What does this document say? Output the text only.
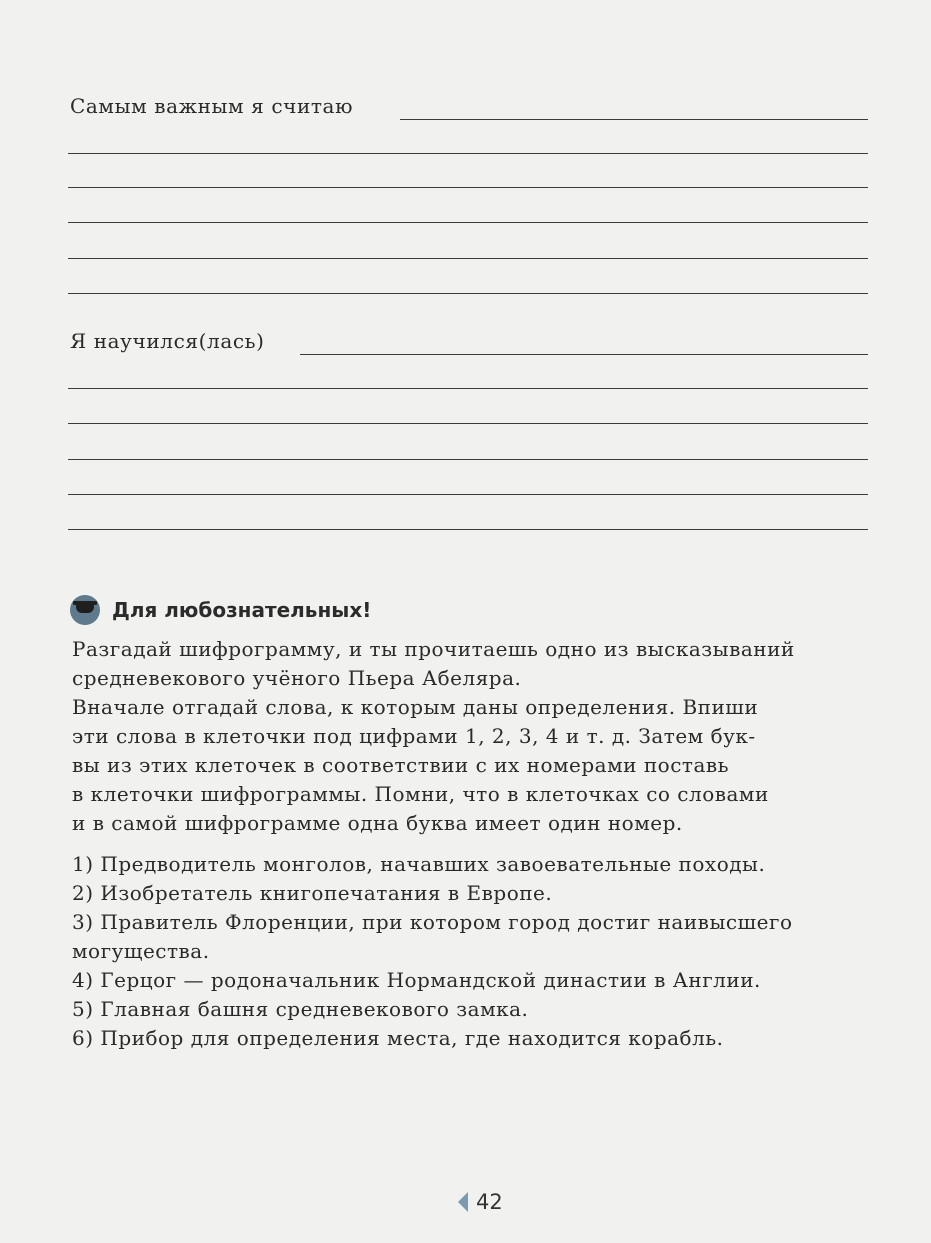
Самым важным я считаю
Я научился(лась)
Для любознательных!
Разгадай шифрограмму, и ты прочитаешь одно из высказываний
средневекового учёного Пьера Абеляра.
Вначале отгадай слова, к которым даны определения. Впиши
эти слова в клеточки под цифрами 1, 2, 3, 4 и т. д. Затем бук-
вы из этих клеточек в соответствии с их номерами поставь
в клеточки шифрограммы. Помни, что в клеточках со словами
и в самой шифрограмме одна буква имеет один номер.
1) Предводитель монголов, начавших завоевательные походы.
2) Изобретатель книгопечатания в Европе.
3) Правитель Флоренции, при котором город достиг наивысшего
могущества.
4) Герцог — родоначальник Нормандской династии в Англии.
5) Главная башня средневекового замка.
6) Прибор для определения места, где находится корабль.
42
